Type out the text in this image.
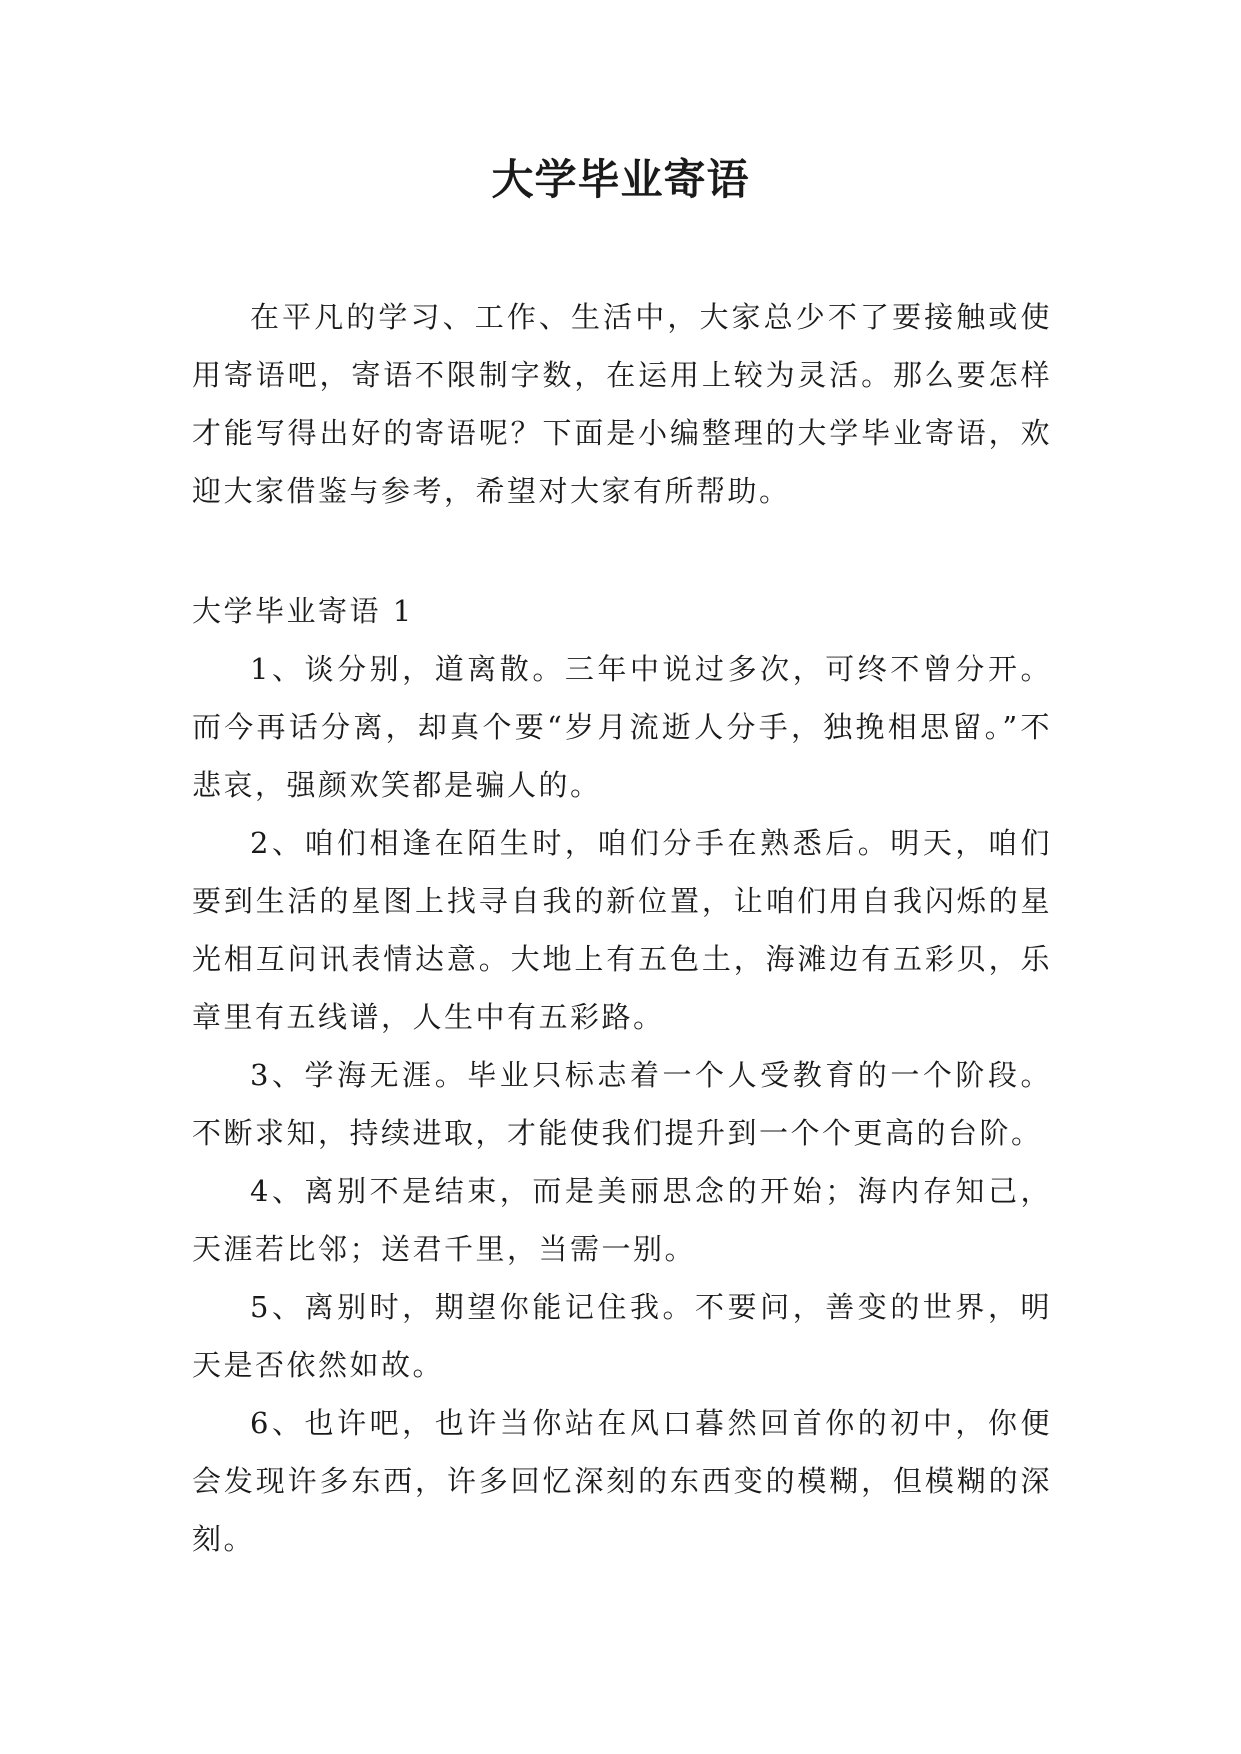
大学毕业寄语

在平凡的学习、工作、生活中，大家总少不了要接触或使用寄语吧，寄语不限制字数，在运用上较为灵活。那么要怎样才能写得出好的寄语呢？下面是小编整理的大学毕业寄语，欢迎大家借鉴与参考，希望对大家有所帮助。

大学毕业寄语 1

1、谈分别，道离散。三年中说过多次，可终不曾分开。而今再话分离，却真个要“岁月流逝人分手，独挽相思留。”不悲哀，强颜欢笑都是骗人的。

2、咱们相逢在陌生时，咱们分手在熟悉后。明天，咱们要到生活的星图上找寻自我的新位置，让咱们用自我闪烁的星光相互问讯表情达意。大地上有五色土，海滩边有五彩贝，乐章里有五线谱，人生中有五彩路。

3、学海无涯。毕业只标志着一个人受教育的一个阶段。不断求知，持续进取，才能使我们提升到一个个更高的台阶。

4、离别不是结束，而是美丽思念的开始；海内存知己，天涯若比邻；送君千里，当需一别。

5、离别时，期望你能记住我。不要问，善变的世界，明天是否依然如故。

6、也许吧，也许当你站在风口暮然回首你的初中，你便会发现许多东西，许多回忆深刻的东西变的模糊，但模糊的深刻。
